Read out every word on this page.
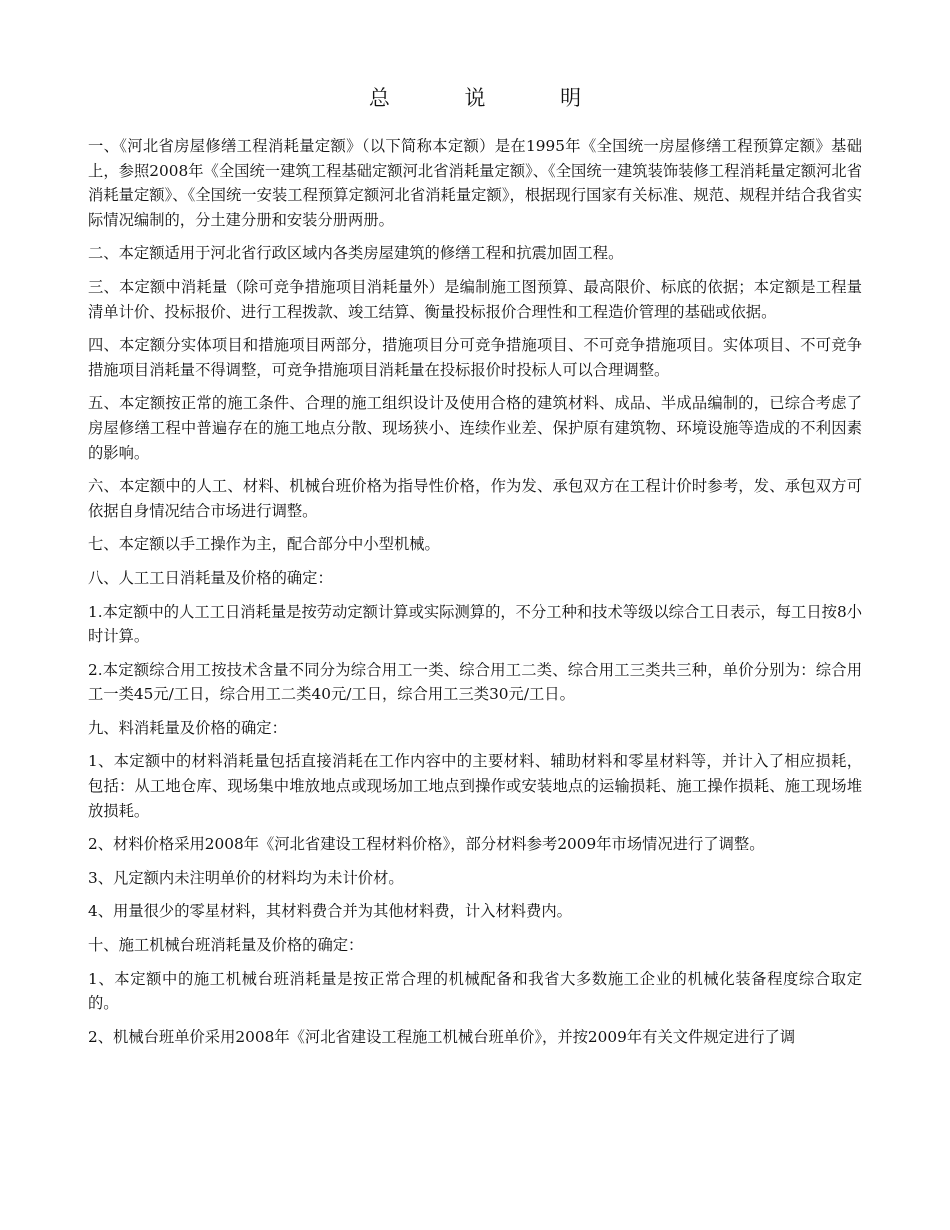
总 说 明

一、《河北省房屋修缮工程消耗量定额》（以下简称本定额）是在1995年《全国统一房屋修缮工程预算定额》基础上，参照2008年《全国统一建筑工程基础定额河北省消耗量定额》、《全国统一建筑装饰装修工程消耗量定额河北省消耗量定额》、《全国统一安装工程预算定额河北省消耗量定额》，根据现行国家有关标准、规范、规程并结合我省实际情况编制的，分土建分册和安装分册两册。

二、本定额适用于河北省行政区域内各类房屋建筑的修缮工程和抗震加固工程。

三、本定额中消耗量（除可竞争措施项目消耗量外）是编制施工图预算、最高限价、标底的依据；本定额是工程量清单计价、投标报价、进行工程拨款、竣工结算、衡量投标报价合理性和工程造价管理的基础或依据。

四、本定额分实体项目和措施项目两部分，措施项目分可竞争措施项目、不可竞争措施项目。实体项目、不可竞争措施项目消耗量不得调整，可竞争措施项目消耗量在投标报价时投标人可以合理调整。

五、本定额按正常的施工条件、合理的施工组织设计及使用合格的建筑材料、成品、半成品编制的，已综合考虑了房屋修缮工程中普遍存在的施工地点分散、现场狭小、连续作业差、保护原有建筑物、环境设施等造成的不利因素的影响。

六、本定额中的人工、材料、机械台班价格为指导性价格，作为发、承包双方在工程计价时参考，发、承包双方可依据自身情况结合市场进行调整。

七、本定额以手工操作为主，配合部分中小型机械。

八、人工工日消耗量及价格的确定：

1.本定额中的人工工日消耗量是按劳动定额计算或实际测算的，不分工种和技术等级以综合工日表示，每工日按8小时计算。

2.本定额综合用工按技术含量不同分为综合用工一类、综合用工二类、综合用工三类共三种，单价分别为：综合用工一类45元/工日，综合用工二类40元/工日，综合用工三类30元/工日。

九、料消耗量及价格的确定：

1、本定额中的材料消耗量包括直接消耗在工作内容中的主要材料、辅助材料和零星材料等，并计入了相应损耗，包括：从工地仓库、现场集中堆放地点或现场加工地点到操作或安装地点的运输损耗、施工操作损耗、施工现场堆放损耗。

2、材料价格采用2008年《河北省建设工程材料价格》，部分材料参考2009年市场情况进行了调整。

3、凡定额内未注明单价的材料均为未计价材。

4、用量很少的零星材料，其材料费合并为其他材料费，计入材料费内。

十、施工机械台班消耗量及价格的确定：

1、本定额中的施工机械台班消耗量是按正常合理的机械配备和我省大多数施工企业的机械化装备程度综合取定的。

2、机械台班单价采用2008年《河北省建设工程施工机械台班单价》，并按2009年有关文件规定进行了调
